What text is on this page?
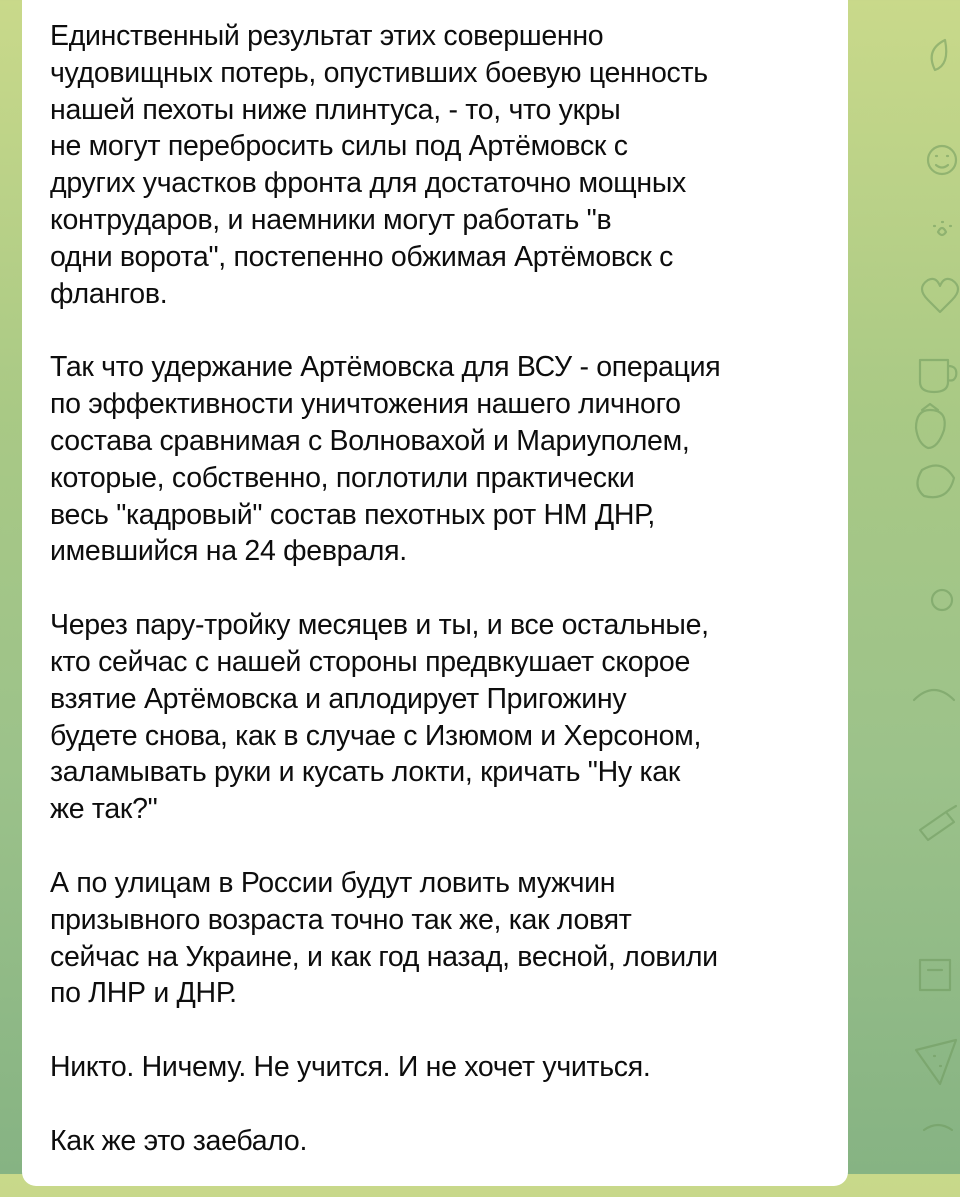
Единственный результат этих совершенно
чудовищных потерь, опустивших боевую ценность
нашей пехоты ниже плинтуса, - то, что укры
не могут перебросить силы под Артёмовск с
других участков фронта для достаточно мощных
контрударов, и наемники могут работать "в
одни ворота", постепенно обжимая Артёмовск с
флангов.

Так что удержание Артёмовска для ВСУ - операция
по эффективности уничтожения нашего личного
состава сравнимая с Волновахой и Мариуполем,
которые, собственно, поглотили практически
весь "кадровый" состав пехотных рот НМ ДНР,
имевшийся на 24 февраля.

Через пару-тройку месяцев и ты, и все остальные,
кто сейчас с нашей стороны предвкушает скорое
взятие Артёмовска и аплодирует Пригожину
будете снова, как в случае с Изюмом и Херсоном,
заламывать руки и кусать локти, кричать "Ну как
же так?"

А по улицам в России будут ловить мужчин
призывного возраста точно так же, как ловят
сейчас на Украине, и как год назад, весной, ловили
по ЛНР и ДНР.

Никто. Ничему. Не учится. И не хочет учиться.

Как же это заебало.
